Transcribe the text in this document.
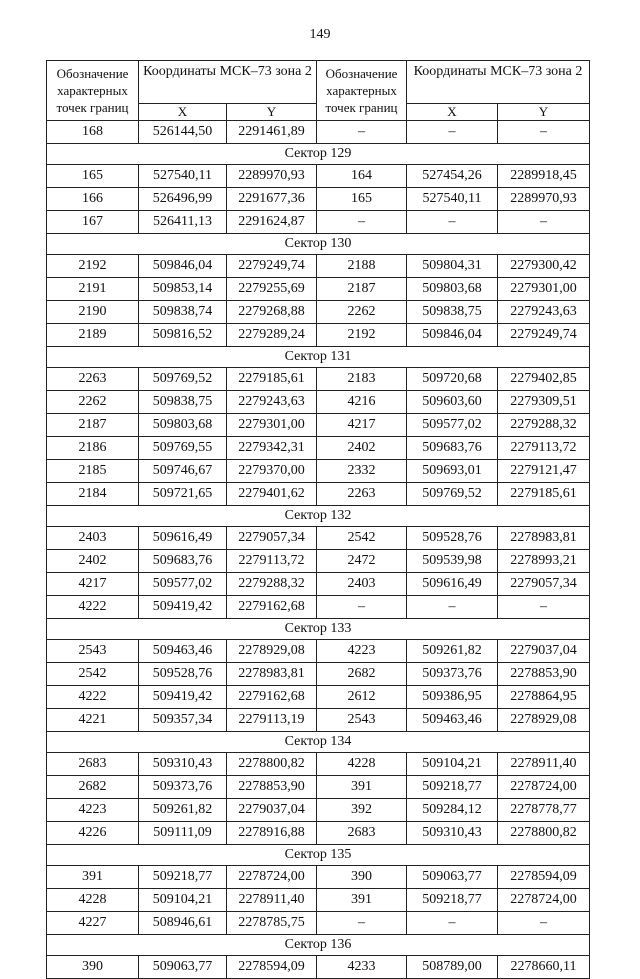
149
Обозначение характерных точек границ	Координаты МСК–73 зона 2		Обозначение характерных точек границ	Координаты МСК–73 зона 2	
	X	Y		X	Y
168	526144,50	2291461,89	–	–	–
Сектор 129					
165	527540,11	2289970,93	164	527454,26	2289918,45
166	526496,99	2291677,36	165	527540,11	2289970,93
167	526411,13	2291624,87	–	–	–
Сектор 130					
2192	509846,04	2279249,74	2188	509804,31	2279300,42
2191	509853,14	2279255,69	2187	509803,68	2279301,00
2190	509838,74	2279268,88	2262	509838,75	2279243,63
2189	509816,52	2279289,24	2192	509846,04	2279249,74
Сектор 131					
2263	509769,52	2279185,61	2183	509720,68	2279402,85
2262	509838,75	2279243,63	4216	509603,60	2279309,51
2187	509803,68	2279301,00	4217	509577,02	2279288,32
2186	509769,55	2279342,31	2402	509683,76	2279113,72
2185	509746,67	2279370,00	2332	509693,01	2279121,47
2184	509721,65	2279401,62	2263	509769,52	2279185,61
Сектор 132					
2403	509616,49	2279057,34	2542	509528,76	2278983,81
2402	509683,76	2279113,72	2472	509539,98	2278993,21
4217	509577,02	2279288,32	2403	509616,49	2279057,34
4222	509419,42	2279162,68	–	–	–
Сектор 133					
2543	509463,46	2278929,08	4223	509261,82	2279037,04
2542	509528,76	2278983,81	2682	509373,76	2278853,90
4222	509419,42	2279162,68	2612	509386,95	2278864,95
4221	509357,34	2279113,19	2543	509463,46	2278929,08
Сектор 134					
2683	509310,43	2278800,82	4228	509104,21	2278911,40
2682	509373,76	2278853,90	391	509218,77	2278724,00
4223	509261,82	2279037,04	392	509284,12	2278778,77
4226	509111,09	2278916,88	2683	509310,43	2278800,82
Сектор 135					
391	509218,77	2278724,00	390	509063,77	2278594,09
4228	509104,21	2278911,40	391	509218,77	2278724,00
4227	508946,61	2278785,75	–	–	–
Сектор 136					
390	509063,77	2278594,09	4233	508789,00	2278660,11
